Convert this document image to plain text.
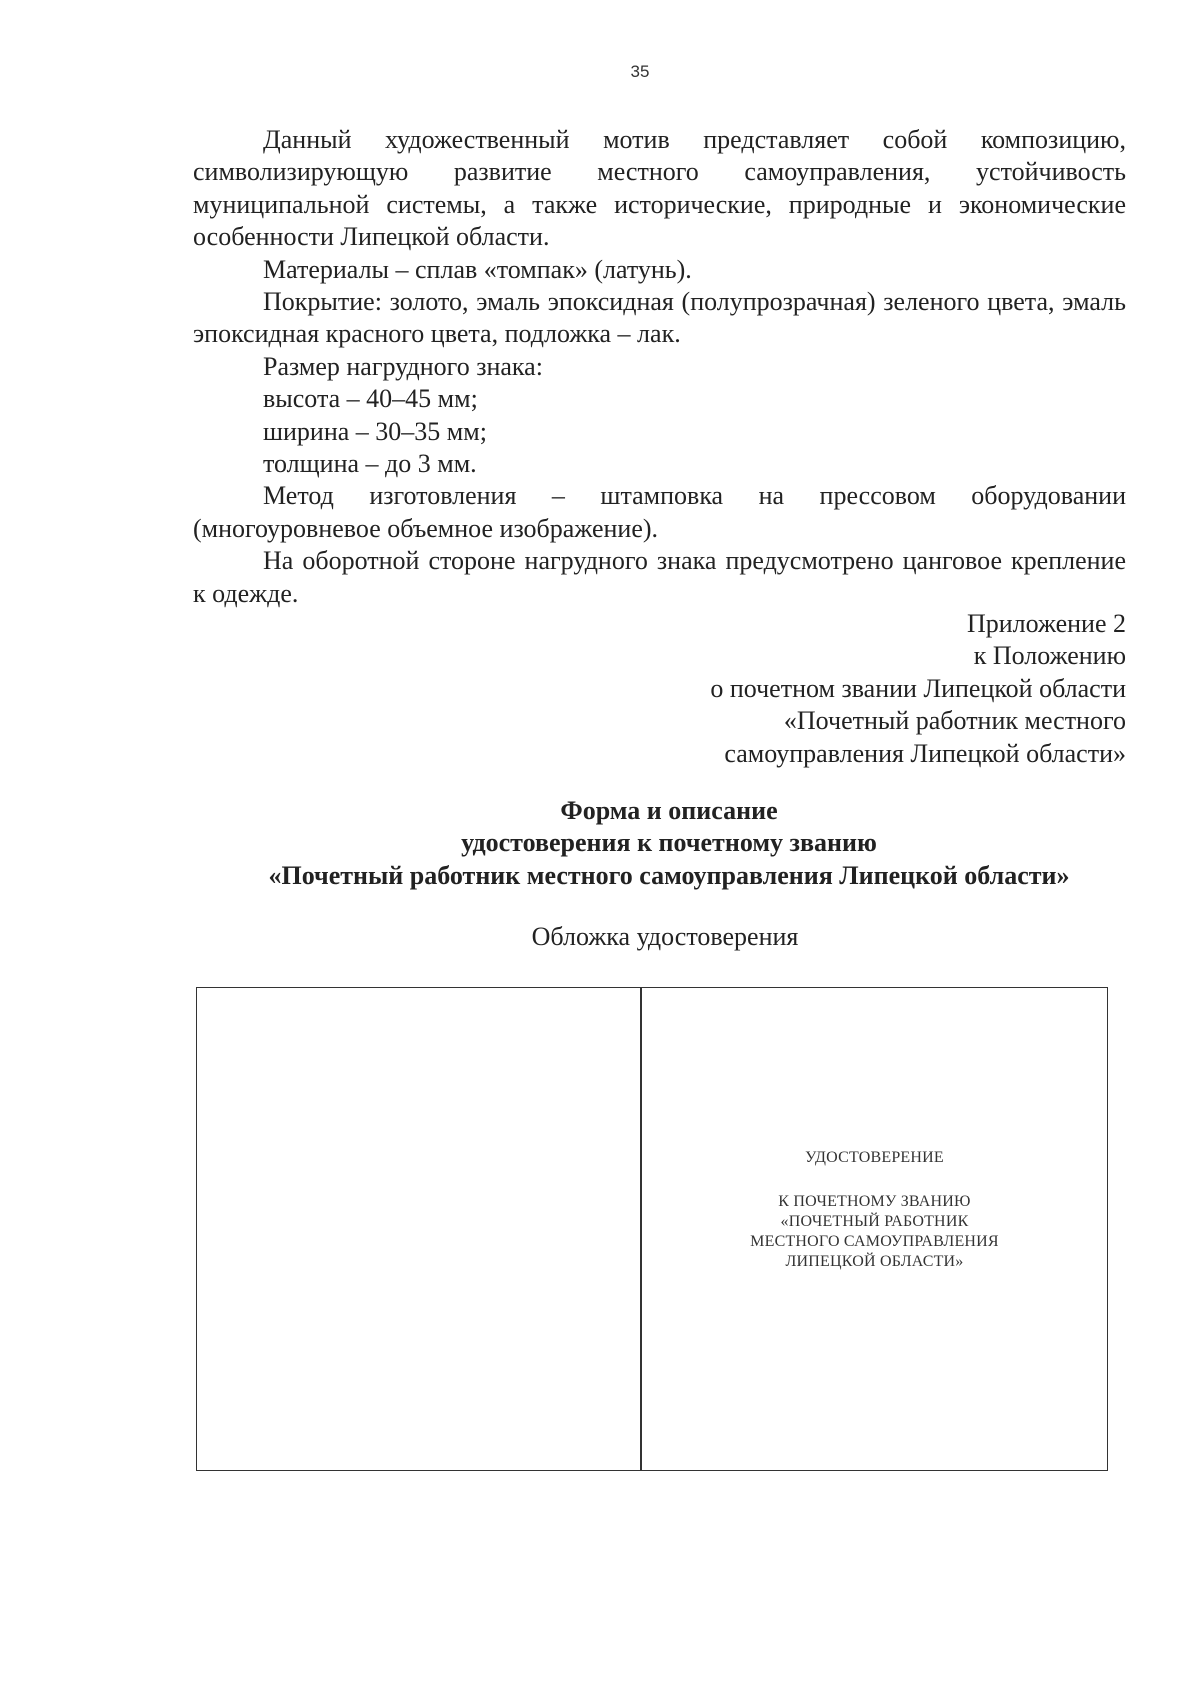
35

Данный художественный мотив представляет собой композицию, символизирующую развитие местного самоуправления, устойчивость муниципальной системы, а также исторические, природные и экономические особенности Липецкой области.

Материалы – сплав «томпак» (латунь).

Покрытие: золото, эмаль эпоксидная (полупрозрачная) зеленого цвета, эмаль эпоксидная красного цвета, подложка – лак.

Размер нагрудного знака:

высота – 40–45 мм;

ширина – 30–35 мм;

толщина – до 3 мм.

Метод изготовления – штамповка на прессовом оборудовании (многоуровневое объемное изображение).

На оборотной стороне нагрудного знака предусмотрено цанговое крепление к одежде.

Приложение 2
к Положению
о почетном звании Липецкой области
«Почетный работник местного
самоуправления Липецкой области»
Форма и описание
удостоверения к почетному званию
«Почетный работник местного самоуправления Липецкой области»
Обложка удостоверения
УДОСТОВЕРЕНИЕ
К ПОЧЕТНОМУ ЗВАНИЮ
«ПОЧЕТНЫЙ РАБОТНИК
МЕСТНОГО САМОУПРАВЛЕНИЯ
ЛИПЕЦКОЙ ОБЛАСТИ»
